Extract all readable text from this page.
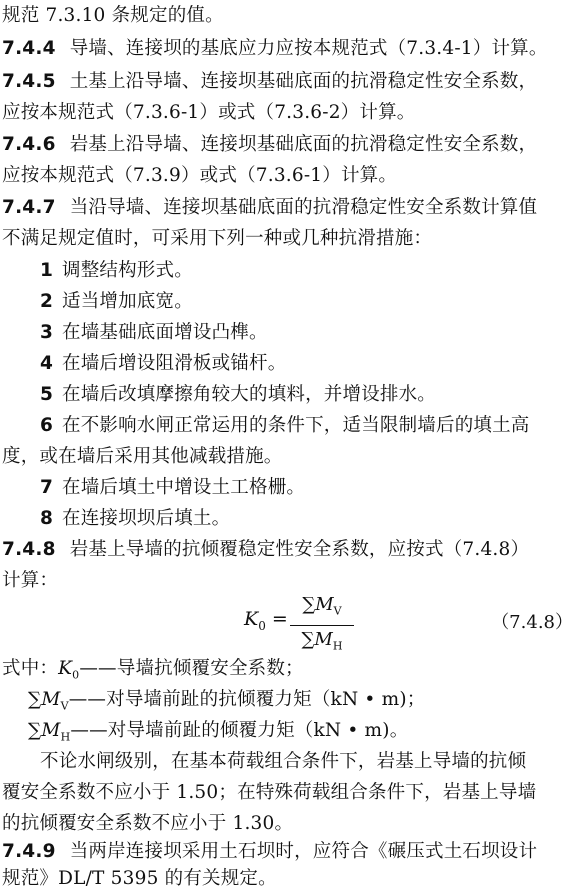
规范 7.3.10 条规定的值。
7.4.4 导墙、连接坝的基底应力应按本规范式（7.3.4-1）计算。
7.4.5 土基上沿导墙、连接坝基础底面的抗滑稳定性安全系数，
应按本规范式（7.3.6-1）或式（7.3.6-2）计算。
7.4.6 岩基上沿导墙、连接坝基础底面的抗滑稳定性安全系数，
应按本规范式（7.3.9）或式（7.3.6-1）计算。
7.4.7 当沿导墙、连接坝基础底面的抗滑稳定性安全系数计算值
不满足规定值时，可采用下列一种或几种抗滑措施：
1 调整结构形式。
2 适当增加底宽。
3 在墙基础底面增设凸榫。
4 在墙后增设阻滑板或锚杆。
5 在墙后改填摩擦角较大的填料，并增设排水。
6 在不影响水闸正常运用的条件下，适当限制墙后的填土高
度，或在墙后采用其他减载措施。
7 在墙后填土中增设土工格栅。
8 在连接坝坝后填土。
7.4.8 岩基上导墙的抗倾覆稳定性安全系数，应按式（7.4.8）
计算：
$K_0$ =
$\sum M_V$
$\sum M_H$
（7.4.8）
式中：$K_0——$导墙抗倾覆安全系数；
$\sum M_V——$对导墙前趾的抗倾覆力矩（kN • m)；
$\sum M_H——$对导墙前趾的倾覆力矩（kN • m)。
不论水闸级别，在基本荷载组合条件下，岩基上导墙的抗倾
覆安全系数不应小于 1.50；在特殊荷载组合条件下，岩基上导墙
的抗倾覆安全系数不应小于 1.30。
7.4.9 当两岸连接坝采用土石坝时，应符合《碾压式土石坝设计
规范》DL/T 5395 的有关规定。
